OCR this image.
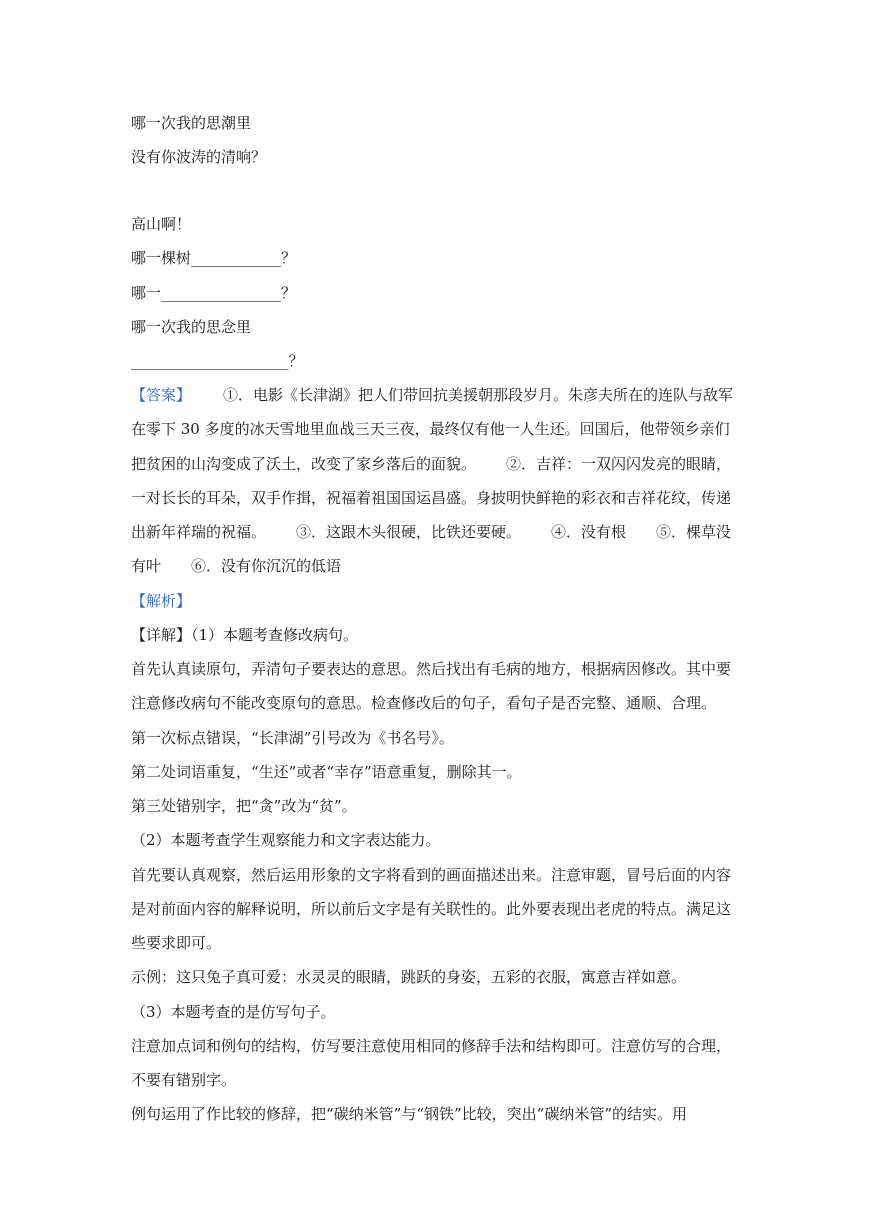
哪一次我的思潮里
没有你波涛的清响？
高山啊！
哪一棵树____________？
哪一________________？
哪一次我的思念里
_____________________？
【答案】 ①．电影《长津湖》把人们带回抗美援朝那段岁月。朱彦夫所在的连队与敌军
在零下 30 多度的冰天雪地里血战三天三夜，最终仅有他一人生还。回国后，他带领乡亲们
把贫困的山沟变成了沃土，改变了家乡落后的面貌。 ②．吉祥：一双闪闪发亮的眼睛，
一对长长的耳朵，双手作揖，祝福着祖国国运昌盛。身披明快鲜艳的彩衣和吉祥花纹，传递
出新年祥瑞的祝福。 ③．这跟木头很硬，比铁还要硬。 ④．没有根 ⑤．棵草没
有叶 ⑥．没有你沉沉的低语
【解析】
【详解】（1）本题考查修改病句。
首先认真读原句，弄清句子要表达的意思。然后找出有毛病的地方，根据病因修改。其中要
注意修改病句不能改变原句的意思。检查修改后的句子，看句子是否完整、通顺、合理。
第一次标点错误，“长津湖”引号改为《书名号》。
第二处词语重复，“生还”或者“幸存”语意重复，删除其一。
第三处错别字，把“贪”改为“贫”。
（2）本题考查学生观察能力和文字表达能力。
首先要认真观察，然后运用形象的文字将看到的画面描述出来。注意审题，冒号后面的内容
是对前面内容的解释说明，所以前后文字是有关联性的。此外要表现出老虎的特点。满足这
些要求即可。
示例：这只兔子真可爱：水灵灵的眼睛，跳跃的身姿，五彩的衣服，寓意吉祥如意。
（3）本题考查的是仿写句子。
注意加点词和例句的结构，仿写要注意使用相同的修辞手法和结构即可。注意仿写的合理，
不要有错别字。
例句运用了作比较的修辞，把“碳纳米管”与“钢铁”比较，突出“碳纳米管”的结实。用
